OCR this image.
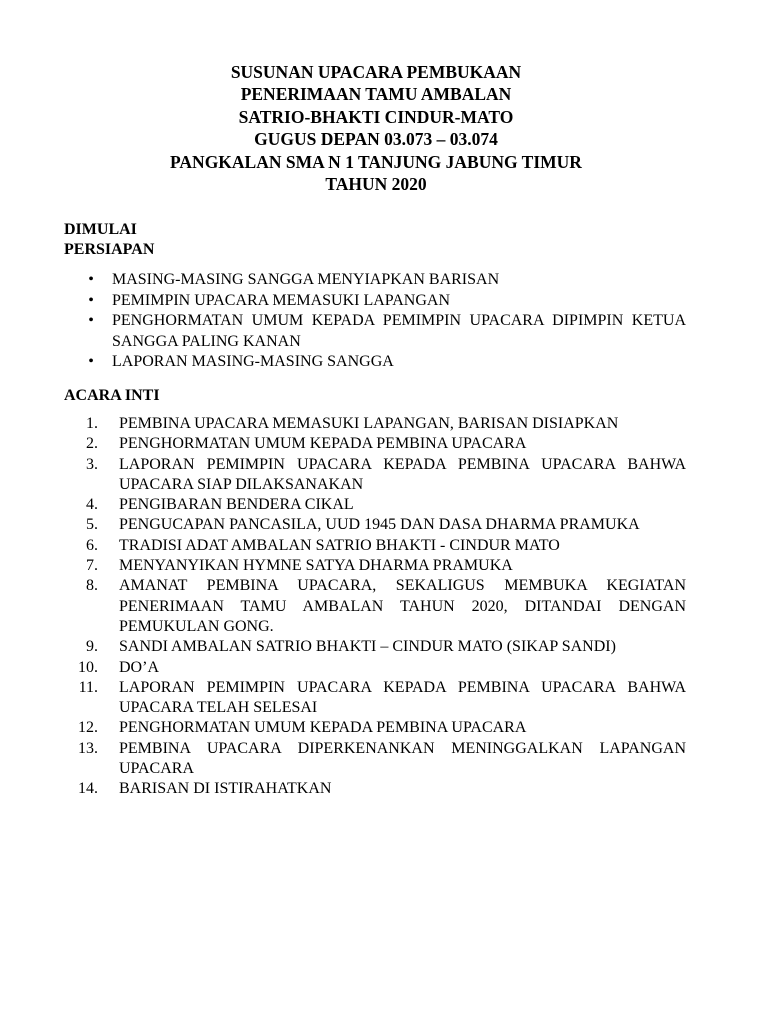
SUSUNAN UPACARA PEMBUKAAN
PENERIMAAN TAMU AMBALAN
SATRIO-BHAKTI CINDUR-MATO
GUGUS DEPAN 03.073 – 03.074
PANGKALAN SMA N 1 TANJUNG JABUNG TIMUR
TAHUN 2020
DIMULAI
PERSIAPAN
• MASING-MASING SANGGA MENYIAPKAN BARISAN
• PEMIMPIN UPACARA MEMASUKI LAPANGAN
• PENGHORMATAN UMUM KEPADA PEMIMPIN UPACARA DIPIMPIN KETUA SANGGA PALING KANAN
• LAPORAN MASING-MASING SANGGA
ACARA INTI
1. PEMBINA UPACARA MEMASUKI LAPANGAN, BARISAN DISIAPKAN
2. PENGHORMATAN UMUM KEPADA PEMBINA UPACARA
3. LAPORAN PEMIMPIN UPACARA KEPADA PEMBINA UPACARA BAHWA UPACARA SIAP DILAKSANAKAN
4. PENGIBARAN BENDERA CIKAL
5. PENGUCAPAN PANCASILA, UUD 1945 DAN DASA DHARMA PRAMUKA
6. TRADISI ADAT AMBALAN SATRIO BHAKTI - CINDUR MATO
7. MENYANYIKAN HYMNE SATYA DHARMA PRAMUKA
8. AMANAT PEMBINA UPACARA, SEKALIGUS MEMBUKA KEGIATAN PENERIMAAN TAMU AMBALAN TAHUN 2020, DITANDAI DENGAN PEMUKULAN GONG.
9. SANDI AMBALAN SATRIO BHAKTI – CINDUR MATO (SIKAP SANDI)
10. DO’A
11. LAPORAN PEMIMPIN UPACARA KEPADA PEMBINA UPACARA BAHWA UPACARA TELAH SELESAI
12. PENGHORMATAN UMUM KEPADA PEMBINA UPACARA
13. PEMBINA UPACARA DIPERKENANKAN MENINGGALKAN LAPANGAN UPACARA
14. BARISAN DI ISTIRAHATKAN
